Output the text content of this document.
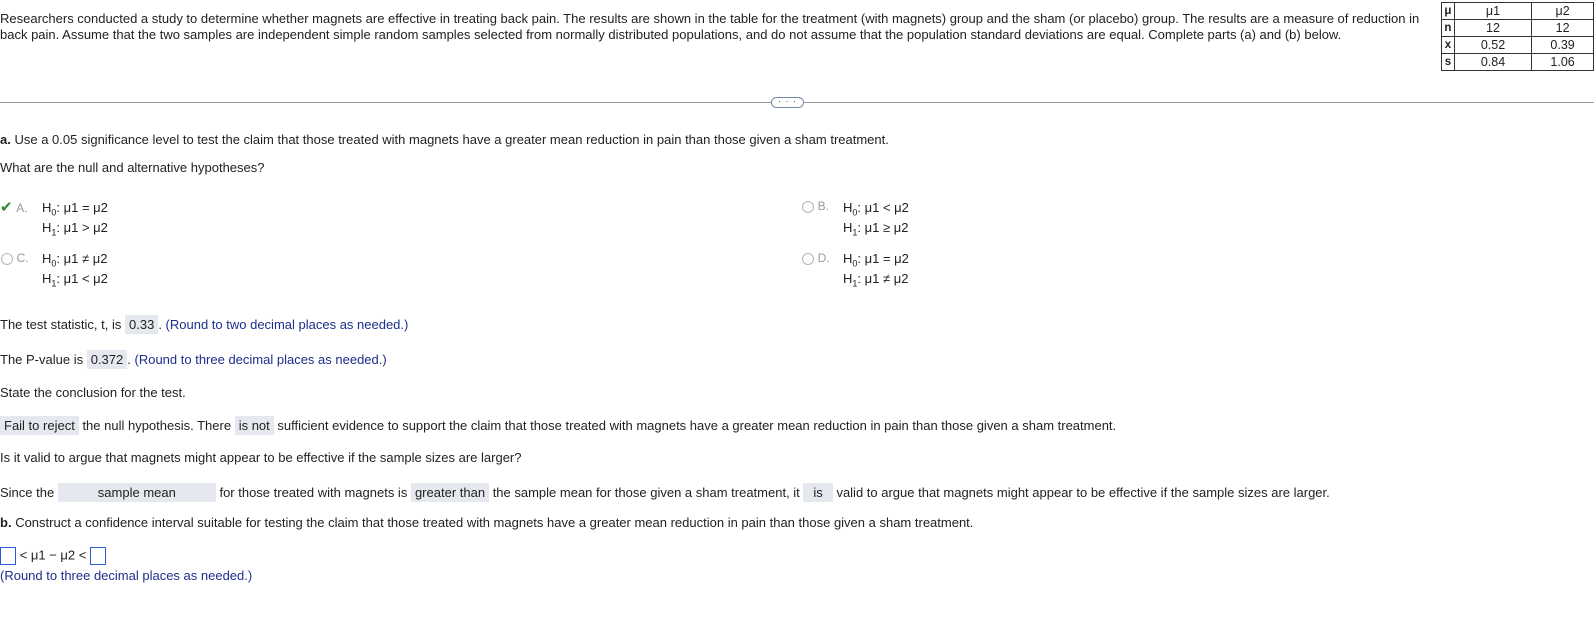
Researchers conducted a study to determine whether magnets are effective in treating back pain. The results are shown in the table for the treatment (with magnets) group and the sham (or placebo) group. The results are a measure of reduction in back pain. Assume that the two samples are independent simple random samples selected from normally distributed populations, and do not assume that the population standard deviations are equal. Complete parts (a) and (b) below.
μ	μ1	μ2
n	12	12
x	0.52	0.39
s	0.84	1.06
· · ·
a. Use a 0.05 significance level to test the claim that those treated with magnets have a greater mean reduction in pain than those given a sham treatment.
What are the null and alternative hypotheses?
✔ A. $H_0$: μ1 = μ2
$H_1$: μ1 > μ2
B. $H_0$: μ1 < μ2
$H_1$: μ1 ≥ μ2
C. $H_0$: μ1 ≠ μ2
$H_1$: μ1 < μ2
D. $H_0$: μ1 = μ2
$H_1$: μ1 ≠ μ2
The test statistic, t, is 0.33 . (Round to two decimal places as needed.)
The P-value is 0.372 . (Round to three decimal places as needed.)
State the conclusion for the test.
Fail to reject the null hypothesis. There is not sufficient evidence to support the claim that those treated with magnets have a greater mean reduction in pain than those given a sham treatment.
Is it valid to argue that magnets might appear to be effective if the sample sizes are larger?
Since the	sample mean	for those treated with magnets is greater than the sample mean for those given a sham treatment, it is valid to argue that magnets might appear to be effective if the sample sizes are larger.
b. Construct a confidence interval suitable for testing the claim that those treated with magnets have a greater mean reduction in pain than those given a sham treatment.
< μ1 − μ2 <
(Round to three decimal places as needed.)
